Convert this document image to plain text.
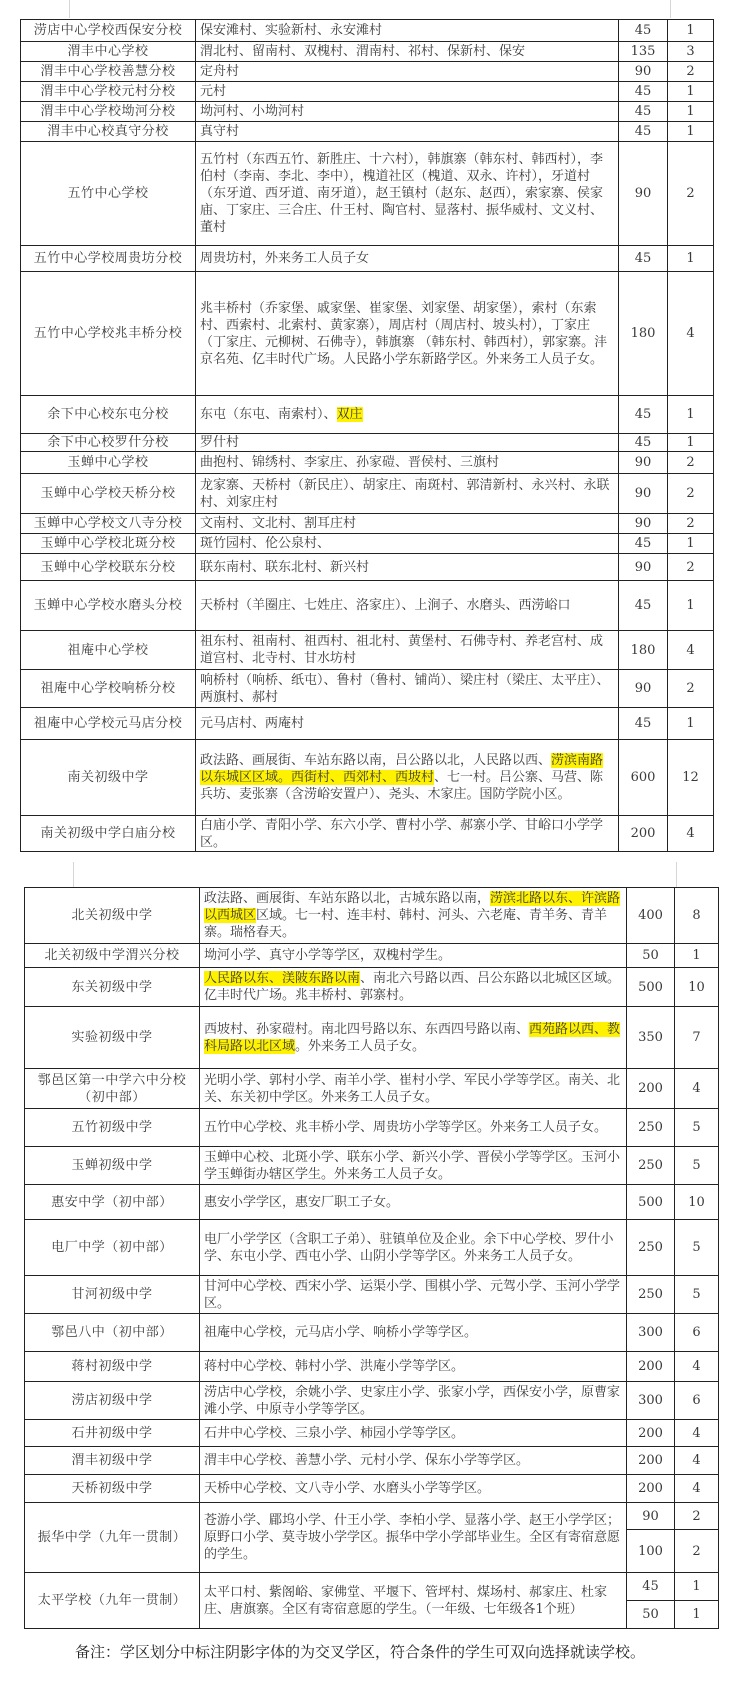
涝店中心学校西保安分校	保安滩村、实验新村、永安滩村	45	1
渭丰中心学校	渭北村、留南村、双槐村、渭南村、祁村、保新村、保安	135	3
渭丰中心学校善慧分校	定舟村	90	2
渭丰中心学校元村分校	元村	45	1
渭丰中心学校坳河分校	坳河村、小坳河村	45	1
渭丰中心校真守分校	真守村	45	1
五竹中心学校	五竹村（东西五竹、新胜庄、十六村），韩旗寨（韩东村、韩西村），李伯村（李南、李北、李中），槐道社区（槐道、双永、许村），牙道村（东牙道、西牙道、南牙道），赵王镇村（赵东、赵西），索家寨、侯家庙、丁家庄、三合庄、什王村、陶官村、显落村、振华威村、文义村、董村	90	2
五竹中心学校周贵坊分校	周贵坊村，外来务工人员子女	45	1
五竹中心学校兆丰桥分校	兆丰桥村（乔家堡、戚家堡、崔家堡、刘家堡、胡家堡），索村（东索村、西索村、北索村、黄家寨），周店村（周店村、坡头村），丁家庄 （丁家庄、元柳树、石佛寺），韩旗寨 （韩东村、韩西村），郭家寨。沣京名苑、亿丰时代广场。人民路小学东新路学区。外来务工人员子女。	180	4
余下中心校东屯分校	东屯（东屯、南索村）、双庄	45	1
余下中心校罗什分校	罗什村	45	1
玉蝉中心学校	曲抱村、锦绣村、李家庄、孙家磑、晋侯村、三旗村	90	2
玉蝉中心学校天桥分校	龙家寨、天桥村（新民庄）、胡家庄、南斑村、郭清新村、永兴村、永联村、刘家庄村	90	2
玉蝉中心学校文八寺分校	文南村、文北村、割耳庄村	90	2
玉蝉中心学校北斑分校	斑竹园村、伦公泉村、	45	1
玉蝉中心学校联东分校	联东南村、联东北村、新兴村	90	2
玉蝉中心学校水磨头分校	天桥村（羊圈庄、七姓庄、洛家庄）、上涧子、水磨头、西涝峪口	45	1
祖庵中心学校	祖东村、祖南村、祖西村、祖北村、黄堡村、石佛寺村、养老宫村、成道宫村、北寺村、甘水坊村	180	4
祖庵中心学校响桥分校	响桥村（响桥、纸屯）、鲁村（鲁村、铺尚）、梁庄村（梁庄、太平庄）、两旗村、郝村	90	2
祖庵中心学校元马店分校	元马店村、两庵村	45	1
南关初级中学	政法路、画展街、车站东路以南，吕公路以北，人民路以西、涝滨南路以东城区区域。西街村、西郊村、西坡村、七一村。吕公寨、马营、陈兵坊、麦张寨（含涝峪安置户）、尧头、木家庄。国防学院小区。	600	12
南关初级中学白庙分校	白庙小学、青阳小学、东六小学、曹村小学、郝寨小学、甘峪口小学学区。	200	4
北关初级中学	政法路、画展街、车站东路以北，古城东路以南，涝滨北路以东、许滨路以西城区区域。七一村、连丰村、韩村、河头、六老庵、青羊务、青羊寨。瑞格春天。	400	8
北关初级中学渭兴分校	坳河小学、真守小学等学区，双槐村学生。	50	1
东关初级中学	人民路以东、渼陂东路以南、南北六号路以西、吕公东路以北城区区域。亿丰时代广场。兆丰桥村、郭寨村。	500	10
实验初级中学	西坡村、孙家磑村。南北四号路以东、东西四号路以南、西苑路以西、教科局路以北区域。外来务工人员子女。	350	7
鄠邑区第一中学六中分校（初中部）	光明小学、郭村小学、南羊小学、崔村小学、军民小学等学区。南关、北关、东关初中学区。外来务工人员子女。	200	4
五竹初级中学	五竹中心学校、兆丰桥小学、周贵坊小学等学区。外来务工人员子女。	250	5
玉蝉初级中学	玉蝉中心校、北斑小学、联东小学、新兴小学、晋侯小学等学区。玉河小学玉蝉街办辖区学生。外来务工人员子女。	250	5
惠安中学（初中部）	惠安小学学区，惠安厂职工子女。	500	10
电厂中学（初中部）	电厂小学学区（含职工子弟）、驻镇单位及企业。余下中心学校、罗什小学、东屯小学、西屯小学、山阴小学等学区。外来务工人员子女。	250	5
甘河初级中学	甘河中心学校、西宋小学、运渠小学、围棋小学、元驾小学、玉河小学学区。	250	5
鄠邑八中（初中部）	祖庵中心学校，元马店小学、响桥小学等学区。	300	6
蒋村初级中学	蒋村中心学校、韩村小学、洪庵小学等学区。	200	4
涝店初级中学	涝店中心学校，余姚小学、史家庄小学、张家小学，西保安小学，原曹家滩小学、中原寺小学等学区。	300	6
石井初级中学	石井中心学校、三泉小学、柿园小学等学区。	200	4
渭丰初级中学	渭丰中心学校、善慧小学、元村小学、保东小学等学区。	200	4
天桥初级中学	天桥中心学校、文八寺小学、水磨头小学等学区。	200	4
振华中学（九年一贯制）	苍游小学、郿坞小学、什王小学、李柏小学、显落小学、赵王小学学区；原野口小学、莫寺坡小学学区。振华中学小学部毕业生。全区有寄宿意愿的学生。	90	2
		100	2
太平学校（九年一贯制）	太平口村、紫阁峪、家佛堂、平堰下、管坪村、煤场村、郝家庄、杜家庄、唐旗寨。全区有寄宿意愿的学生。（一年级、七年级各1个班）	45	1
		50	1
备注：学区划分中标注阴影字体的为交叉学区，符合条件的学生可双向选择就读学校。
